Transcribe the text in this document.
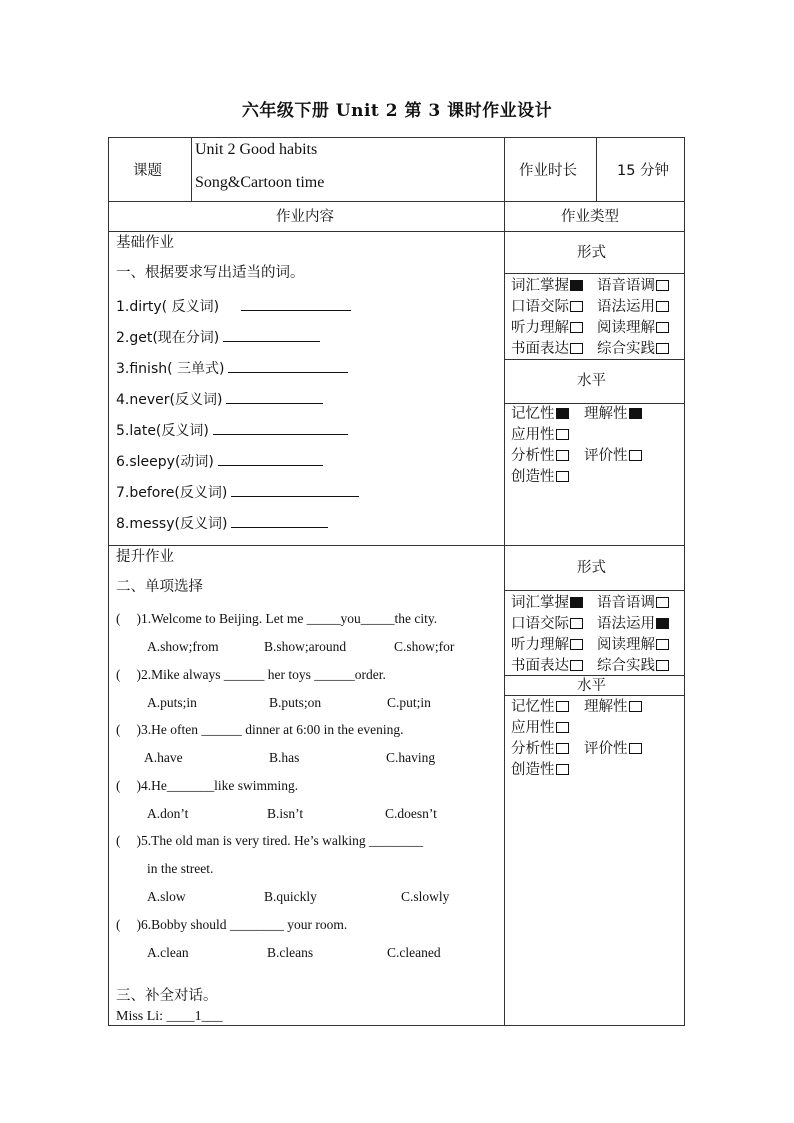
六年级下册 Unit 2 第 3 课时作业设计
课题
Unit 2 Good habits
Song&Cartoon time
作业时长	15 分钟
作业内容	作业类型
基础作业
一、根据要求写出适当的词。
1.dirty( 反义词)
2.get(现在分词)
3.finish( 三单式)
4.never(反义词)
5.late(反义词)
6.sleepy(动词)
7.before(反义词)
8.messy(反义词)
形式
词汇掌握	语音语调
口语交际	语法运用
听力理解	阅读理解
书面表达	综合实践
水平
记忆性	理解性
应用性
分析性	评价性
创造性
提升作业
二、单项选择
( )1.Welcome to Beijing. Let me _____you_____the city.
A.show;from	B.show;around	C.show;for
( )2.Mike always ______ her toys ______order.
A.puts;in	B.puts;on	C.put;in
( )3.He often ______ dinner at 6:00 in the evening.
A.have	B.has	C.having
( )4.He_______like swimming.
A.don’t	B.isn’t	C.doesn’t
( )5.The old man is very tired. He’s walking ________
in the street.
A.slow	B.quickly	C.slowly
( )6.Bobby should ________ your room.
A.clean	B.cleans	C.cleaned
三、补全对话。
Miss Li: ____1___
形式
词汇掌握	语音语调
口语交际	语法运用
听力理解	阅读理解
书面表达	综合实践
水平
记忆性	理解性
应用性
分析性	评价性
创造性
